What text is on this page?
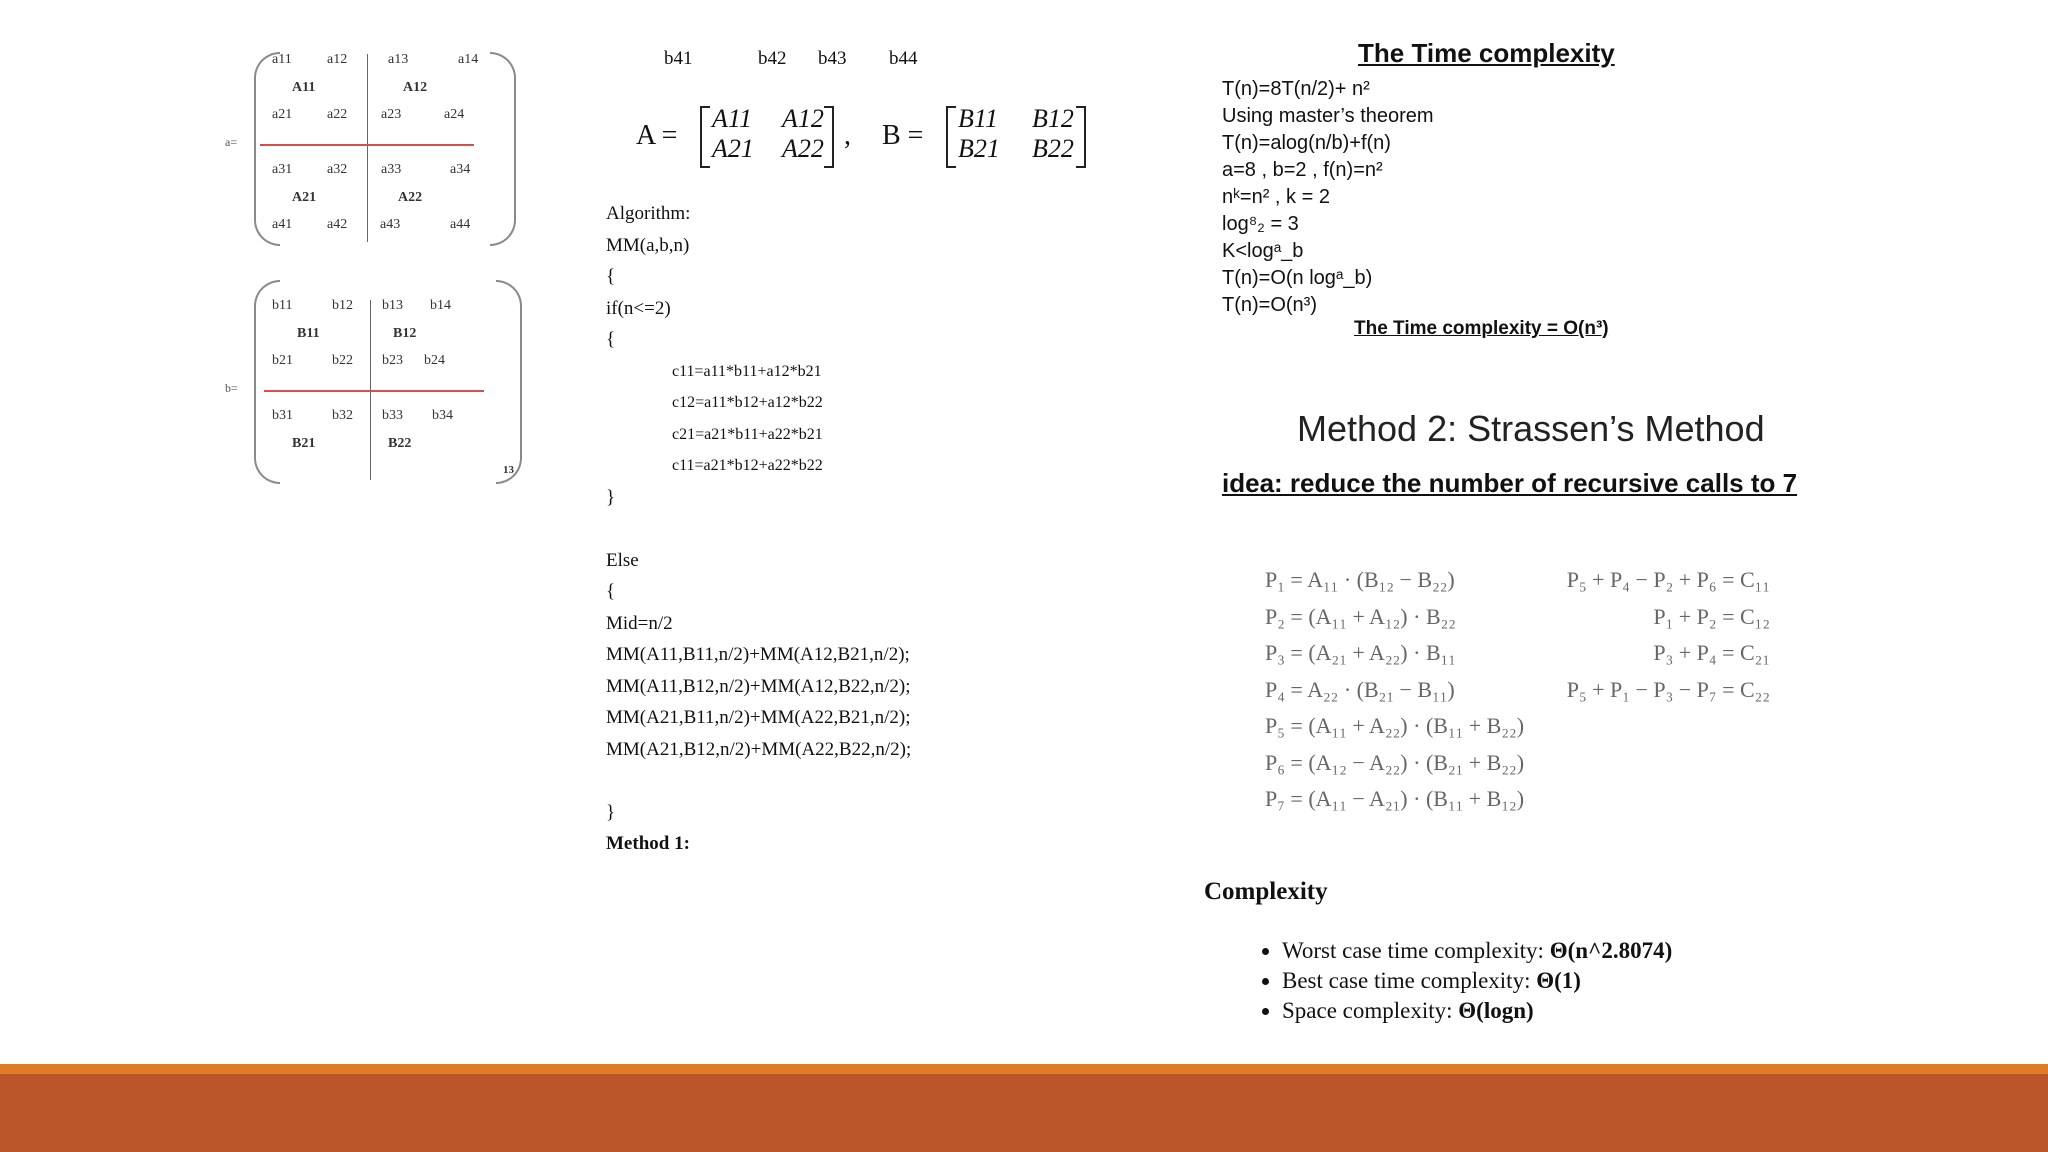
a=
a11	a12	a13	a14
A11	A12
a21 a22 a23	a24
a31 a32 a33	a34
A21	A22
a41 a42 a43	a44
b=
b11	b12 b13 b14
B11	B12
b21	b22 b23 b24
b31	b32 b33 b34
B21	B22
13
b41	b42 b43 b44
A =
A11 A12
A21 A22 , B =
B11 B12
B21 B22
Algorithm:
MM(a,b,n)
{
if(n<=2)
{
c11=a11*b11+a12*b21
c12=a11*b12+a12*b22
c21=a21*b11+a22*b21
c11=a21*b12+a22*b22
}
Else
{
Mid=n/2
MM(A11,B11,n/2)+MM(A12,B21,n/2);
MM(A11,B12,n/2)+MM(A12,B22,n/2);
MM(A21,B11,n/2)+MM(A22,B21,n/2);
MM(A21,B12,n/2)+MM(A22,B22,n/2);
}
Method 1:
The Time complexity
T(n)=8T(n/2)+ n²
Using master’s theorem
T(n)=alog(n/b)+f(n)
a=8 , b=2 , f(n)=n²
nᵏ=n² , k = 2
log⁸₂ = 3
K<logᵃ_b
T(n)=O(n logᵃ_b)
T(n)=O(n³)
The Time complexity = O(n³)
Method 2: Strassen’s Method
idea: reduce the number of recursive calls to 7
P₁ = A₁₁ · (B₁₂ − B₂₂)
P₂ = (A₁₁ + A₁₂) · B₂₂
P₃ = (A₂₁ + A₂₂) · B₁₁
P₄ = A₂₂ · (B₂₁ − B₁₁)
P₅ = (A₁₁ + A₂₂) · (B₁₁ + B₂₂)
P₆ = (A₁₂ − A₂₂) · (B₂₁ + B₂₂)
P₇ = (A₁₁ − A₂₁) · (B₁₁ + B₁₂)
P₅ + P₄ − P₂ + P₆ = C₁₁
P₁ + P₂ = C₁₂
P₃ + P₄ = C₂₁
P₅ + P₁ − P₃ − P₇ = C₂₂
Complexity
• Worst case time complexity: Θ(n^2.8074)
• Best case time complexity: Θ(1)
• Space complexity: Θ(logn)
